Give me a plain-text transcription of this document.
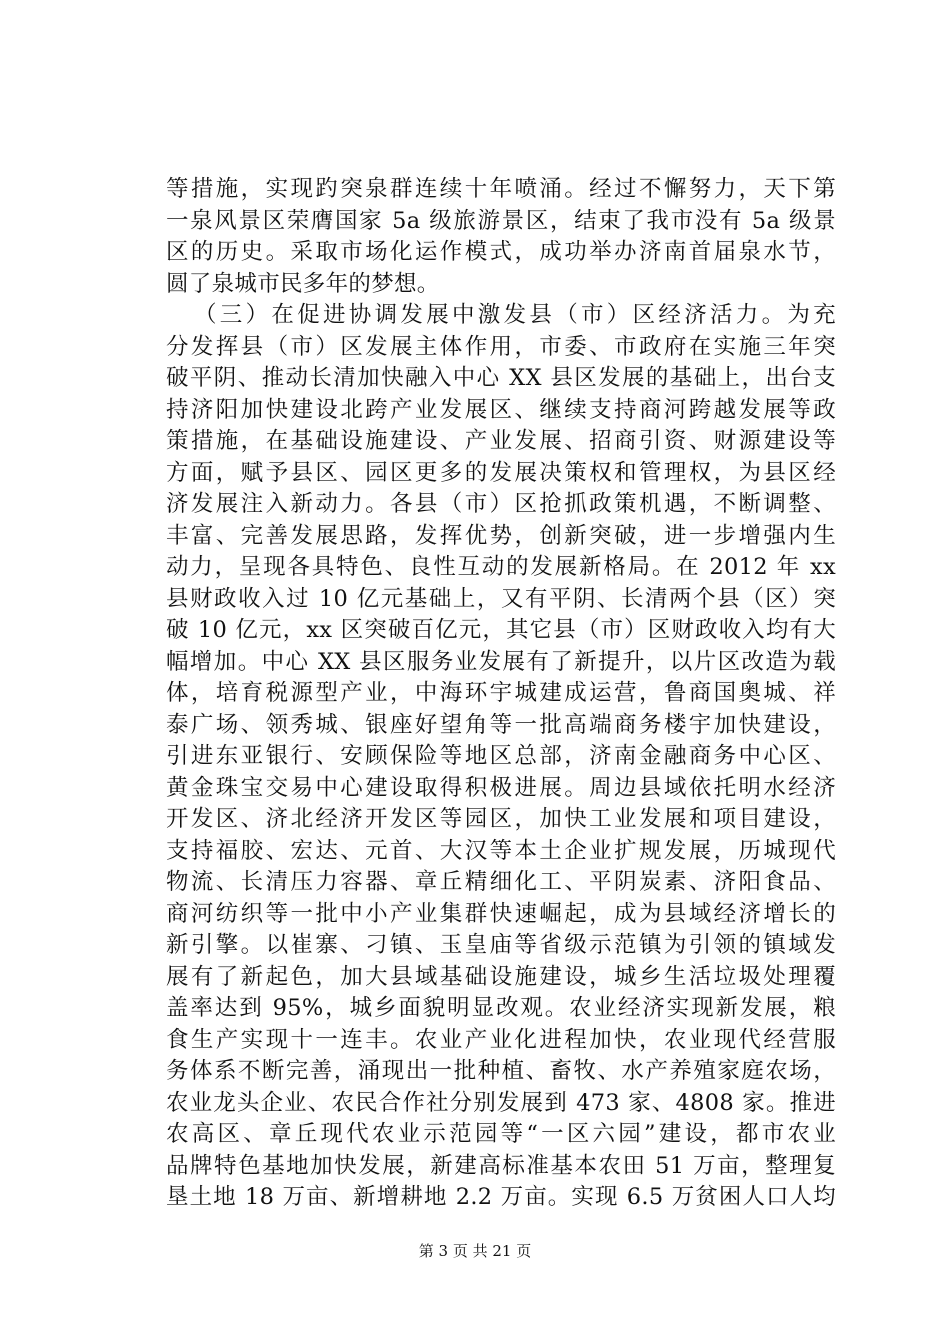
等措施，实现趵突泉群连续十年喷涌。经过不懈努力，天下第
一泉风景区荣膺国家 5a 级旅游景区，结束了我市没有 5a 级景
区的历史。采取市场化运作模式，成功举办济南首届泉水节，
圆了泉城市民多年的梦想。
（三）在促进协调发展中激发县（市）区经济活力。为充
分发挥县（市）区发展主体作用，市委、市政府在实施三年突
破平阴、推动长清加快融入中心 XX 县区发展的基础上，出台支
持济阳加快建设北跨产业发展区、继续支持商河跨越发展等政
策措施，在基础设施建设、产业发展、招商引资、财源建设等
方面，赋予县区、园区更多的发展决策权和管理权，为县区经
济发展注入新动力。各县（市）区抢抓政策机遇，不断调整、
丰富、完善发展思路，发挥优势，创新突破，进一步增强内生
动力，呈现各具特色、良性互动的发展新格局。在 2012 年 xx
县财政收入过 10 亿元基础上，又有平阴、长清两个县（区）突
破 10 亿元，xx 区突破百亿元，其它县（市）区财政收入均有大
幅增加。中心 XX 县区服务业发展有了新提升，以片区改造为载
体，培育税源型产业，中海环宇城建成运营，鲁商国奥城、祥
泰广场、领秀城、银座好望角等一批高端商务楼宇加快建设，
引进东亚银行、安顾保险等地区总部，济南金融商务中心区、
黄金珠宝交易中心建设取得积极进展。周边县域依托明水经济
开发区、济北经济开发区等园区，加快工业发展和项目建设，
支持福胶、宏达、元首、大汉等本土企业扩规发展，历城现代
物流、长清压力容器、章丘精细化工、平阴炭素、济阳食品、
商河纺织等一批中小产业集群快速崛起，成为县域经济增长的
新引擎。以崔寨、刁镇、玉皇庙等省级示范镇为引领的镇域发
展有了新起色，加大县域基础设施建设，城乡生活垃圾处理覆
盖率达到 95%，城乡面貌明显改观。农业经济实现新发展，粮
食生产实现十一连丰。农业产业化进程加快，农业现代经营服
务体系不断完善，涌现出一批种植、畜牧、水产养殖家庭农场，
农业龙头企业、农民合作社分别发展到 473 家、4808 家。推进
农高区、章丘现代农业示范园等“一区六园”建设，都市农业
品牌特色基地加快发展，新建高标准基本农田 51 万亩，整理复
垦土地 18 万亩、新增耕地 2.2 万亩。实现 6.5 万贫困人口人均
第 3 页 共 21 页
